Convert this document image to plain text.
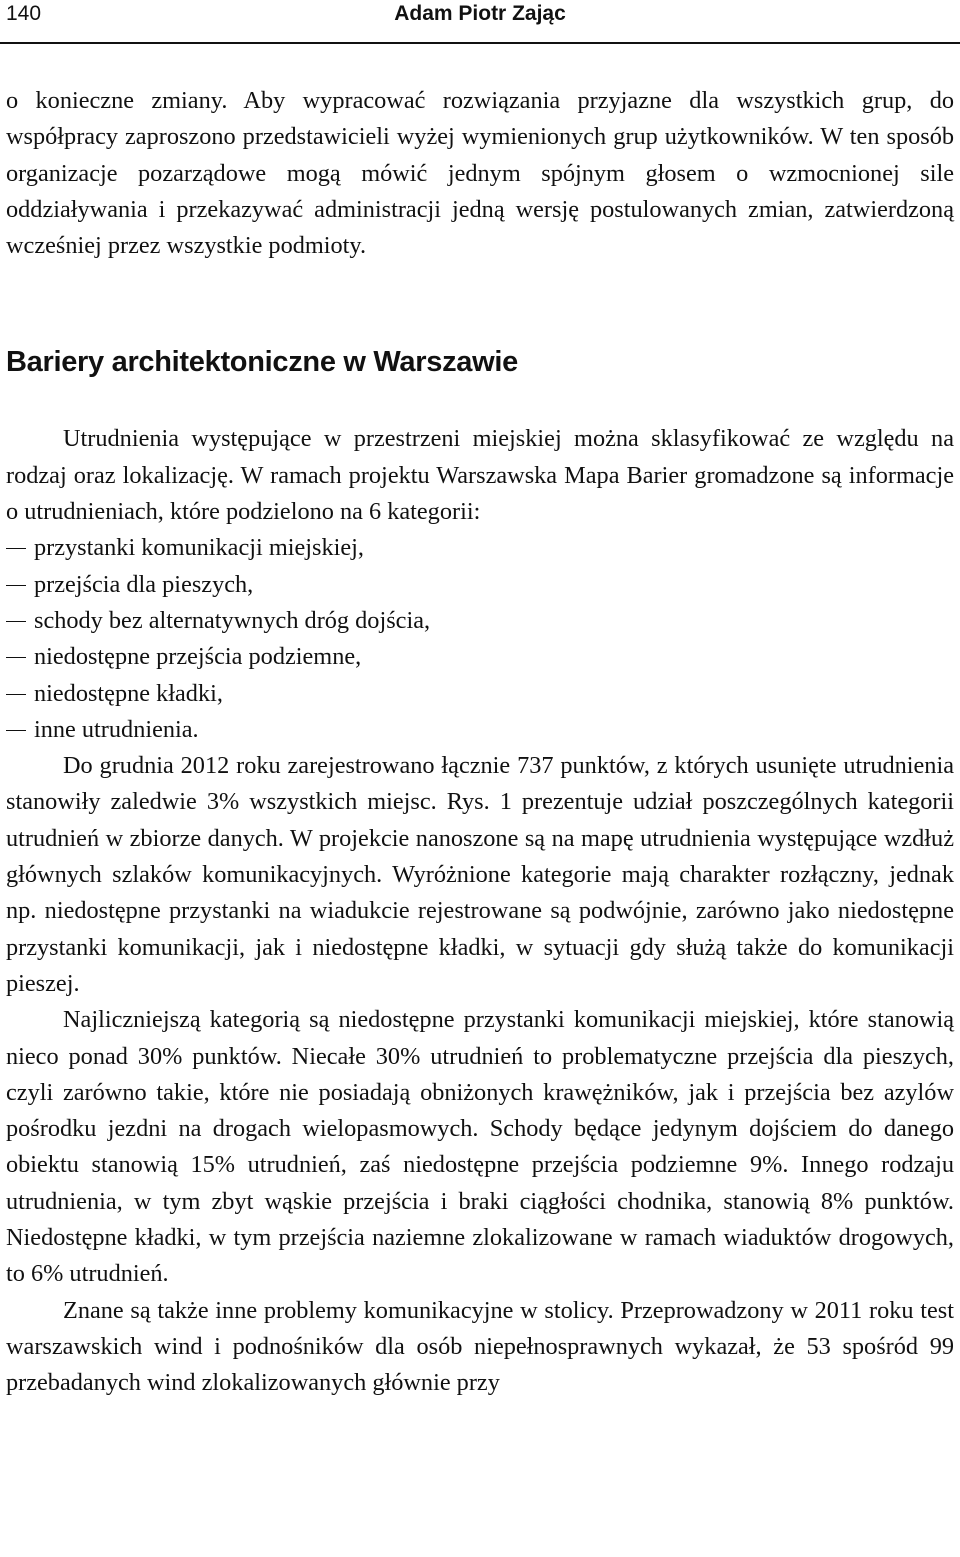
140	Adam Piotr Zając

o konieczne zmiany. Aby wypracować rozwiązania przyjazne dla wszystkich grup, do współpracy zaproszono przedstawicieli wyżej wymienionych grup użytkowników. W ten sposób organizacje pozarządowe mogą mówić jednym spójnym głosem o wzmocnionej sile oddziaływania i przekazywać administracji jedną wersję postulowanych zmian, zatwierdzoną wcześniej przez wszystkie podmioty.

Bariery architektoniczne w Warszawie

Utrudnienia występujące w przestrzeni miejskiej można sklasyfikować ze względu na rodzaj oraz lokalizację. W ramach projektu Warszawska Mapa Barier gromadzone są informacje o utrudnieniach, które podzielono na 6 kategorii:

przystanki komunikacji miejskiej,
przejścia dla pieszych,
schody bez alternatywnych dróg dojścia,
niedostępne przejścia podziemne,
niedostępne kładki,
inne utrudnienia.

Do grudnia 2012 roku zarejestrowano łącznie 737 punktów, z których usunięte utrudnienia stanowiły zaledwie 3% wszystkich miejsc. Rys. 1 prezentuje udział poszczególnych kategorii utrudnień w zbiorze danych. W projekcie nanoszone są na mapę utrudnienia występujące wzdłuż głównych szlaków komunikacyjnych. Wyróżnione kategorie mają charakter rozłączny, jednak np. niedostępne przystanki na wiadukcie rejestrowane są podwójnie, zarówno jako niedostępne przystanki komunikacji, jak i niedostępne kładki, w sytuacji gdy służą także do komunikacji pieszej.

Najliczniejszą kategorią są niedostępne przystanki komunikacji miejskiej, które stanowią nieco ponad 30% punktów. Niecałe 30% utrudnień to problematyczne przejścia dla pieszych, czyli zarówno takie, które nie posiadają obniżonych krawężników, jak i przejścia bez azylów pośrodku jezdni na drogach wielopasmowych. Schody będące jedynym dojściem do danego obiektu stanowią 15% utrudnień, zaś niedostępne przejścia podziemne 9%. Innego rodzaju utrudnienia, w tym zbyt wąskie przejścia i braki ciągłości chodnika, stanowią 8% punktów. Niedostępne kładki, w tym przejścia naziemne zlokalizowane w ramach wiaduktów drogowych, to 6% utrudnień.

Znane są także inne problemy komunikacyjne w stolicy. Przeprowadzony w 2011 roku test warszawskich wind i podnośników dla osób niepełnosprawnych wykazał, że 53 spośród 99 przebadanych wind zlokalizowanych głównie przy
